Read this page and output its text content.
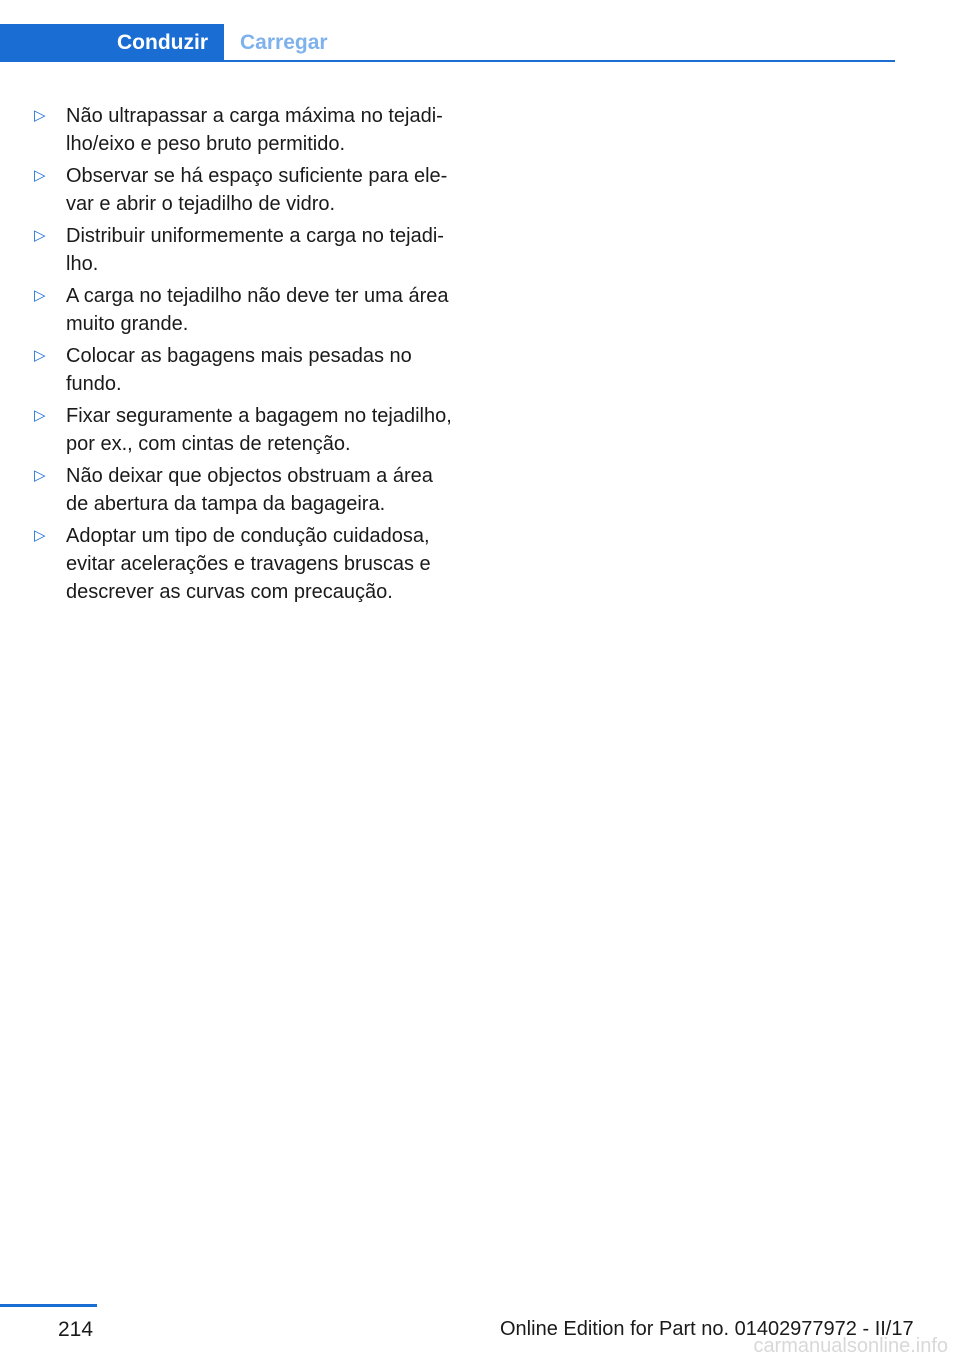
Conduzir	Carregar
▷	Não ultrapassar a carga máxima no tejadi‐lho/eixo e peso bruto permitido.
▷	Observar se há espaço suficiente para ele‐var e abrir o tejadilho de vidro.
▷	Distribuir uniformemente a carga no tejadi‐lho.
▷	A carga no tejadilho não deve ter uma área muito grande.
▷	Colocar as bagagens mais pesadas no fundo.
▷	Fixar seguramente a bagagem no tejadilho, por ex., com cintas de retenção.
▷	Não deixar que objectos obstruam a área de abertura da tampa da bagageira.
▷	Adoptar um tipo de condução cuidadosa, evitar acelerações e travagens bruscas e descrever as curvas com precaução.
214	Online Edition for Part no. 01402977972 - II/17
carmanualsonline.info
